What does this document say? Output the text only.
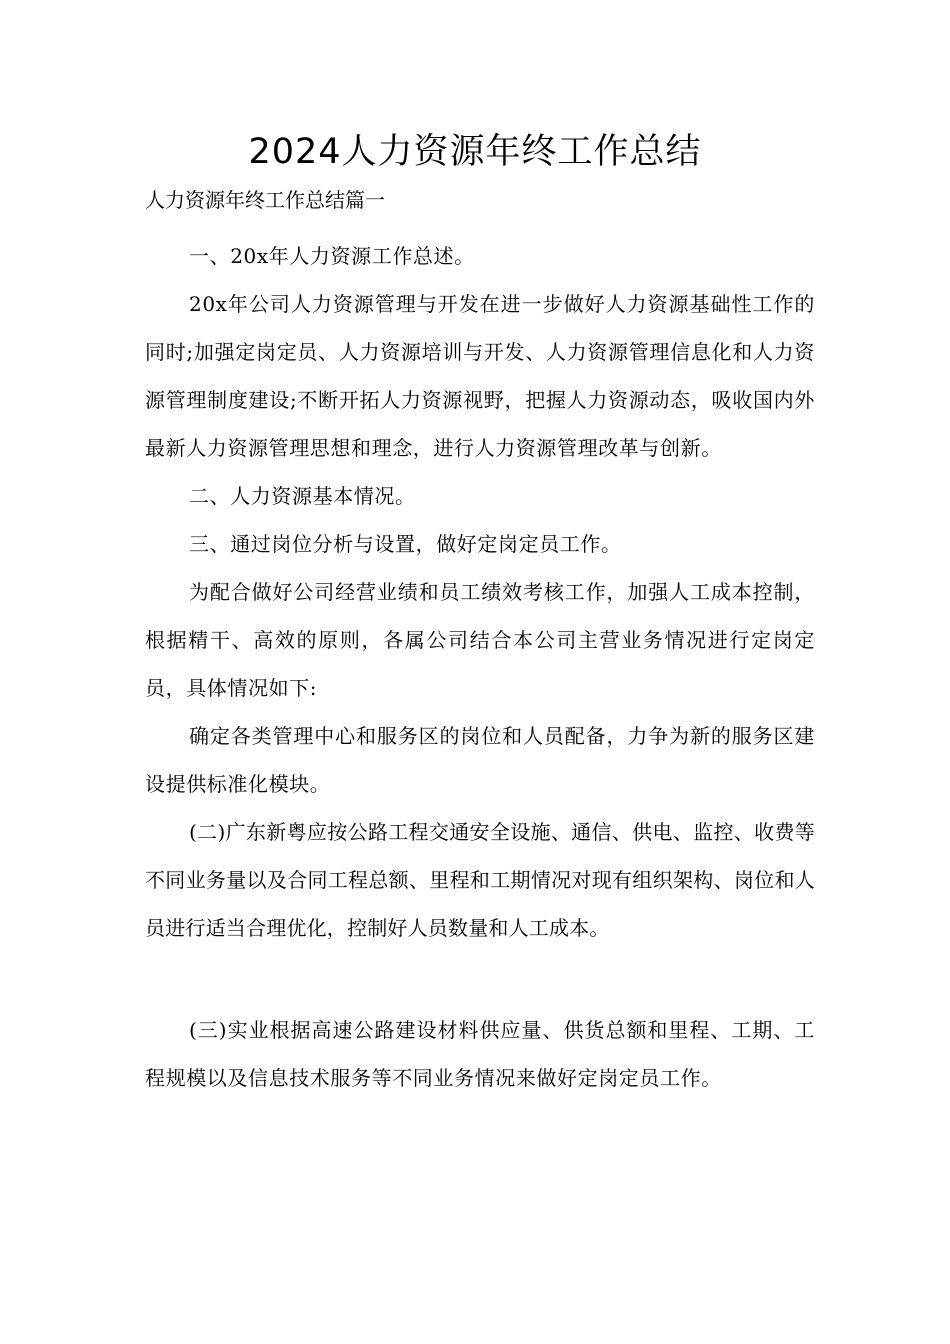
2024人力资源年终工作总结
人力资源年终工作总结篇一

一、20x年人力资源工作总述。

20x年公司人力资源管理与开发在进一步做好人力资源基础性工作的同时;加强定岗定员、人力资源培训与开发、人力资源管理信息化和人力资源管理制度建设;不断开拓人力资源视野，把握人力资源动态，吸收国内外最新人力资源管理思想和理念，进行人力资源管理改革与创新。

二、人力资源基本情况。

三、通过岗位分析与设置，做好定岗定员工作。

为配合做好公司经营业绩和员工绩效考核工作，加强人工成本控制，根据精干、高效的原则，各属公司结合本公司主营业务情况进行定岗定员，具体情况如下:

确定各类管理中心和服务区的岗位和人员配备，力争为新的服务区建设提供标准化模块。

(二)广东新粤应按公路工程交通安全设施、通信、供电、监控、收费等不同业务量以及合同工程总额、里程和工期情况对现有组织架构、岗位和人员进行适当合理优化，控制好人员数量和人工成本。

(三)实业根据高速公路建设材料供应量、供货总额和里程、工期、工程规模以及信息技术服务等不同业务情况来做好定岗定员工作。
